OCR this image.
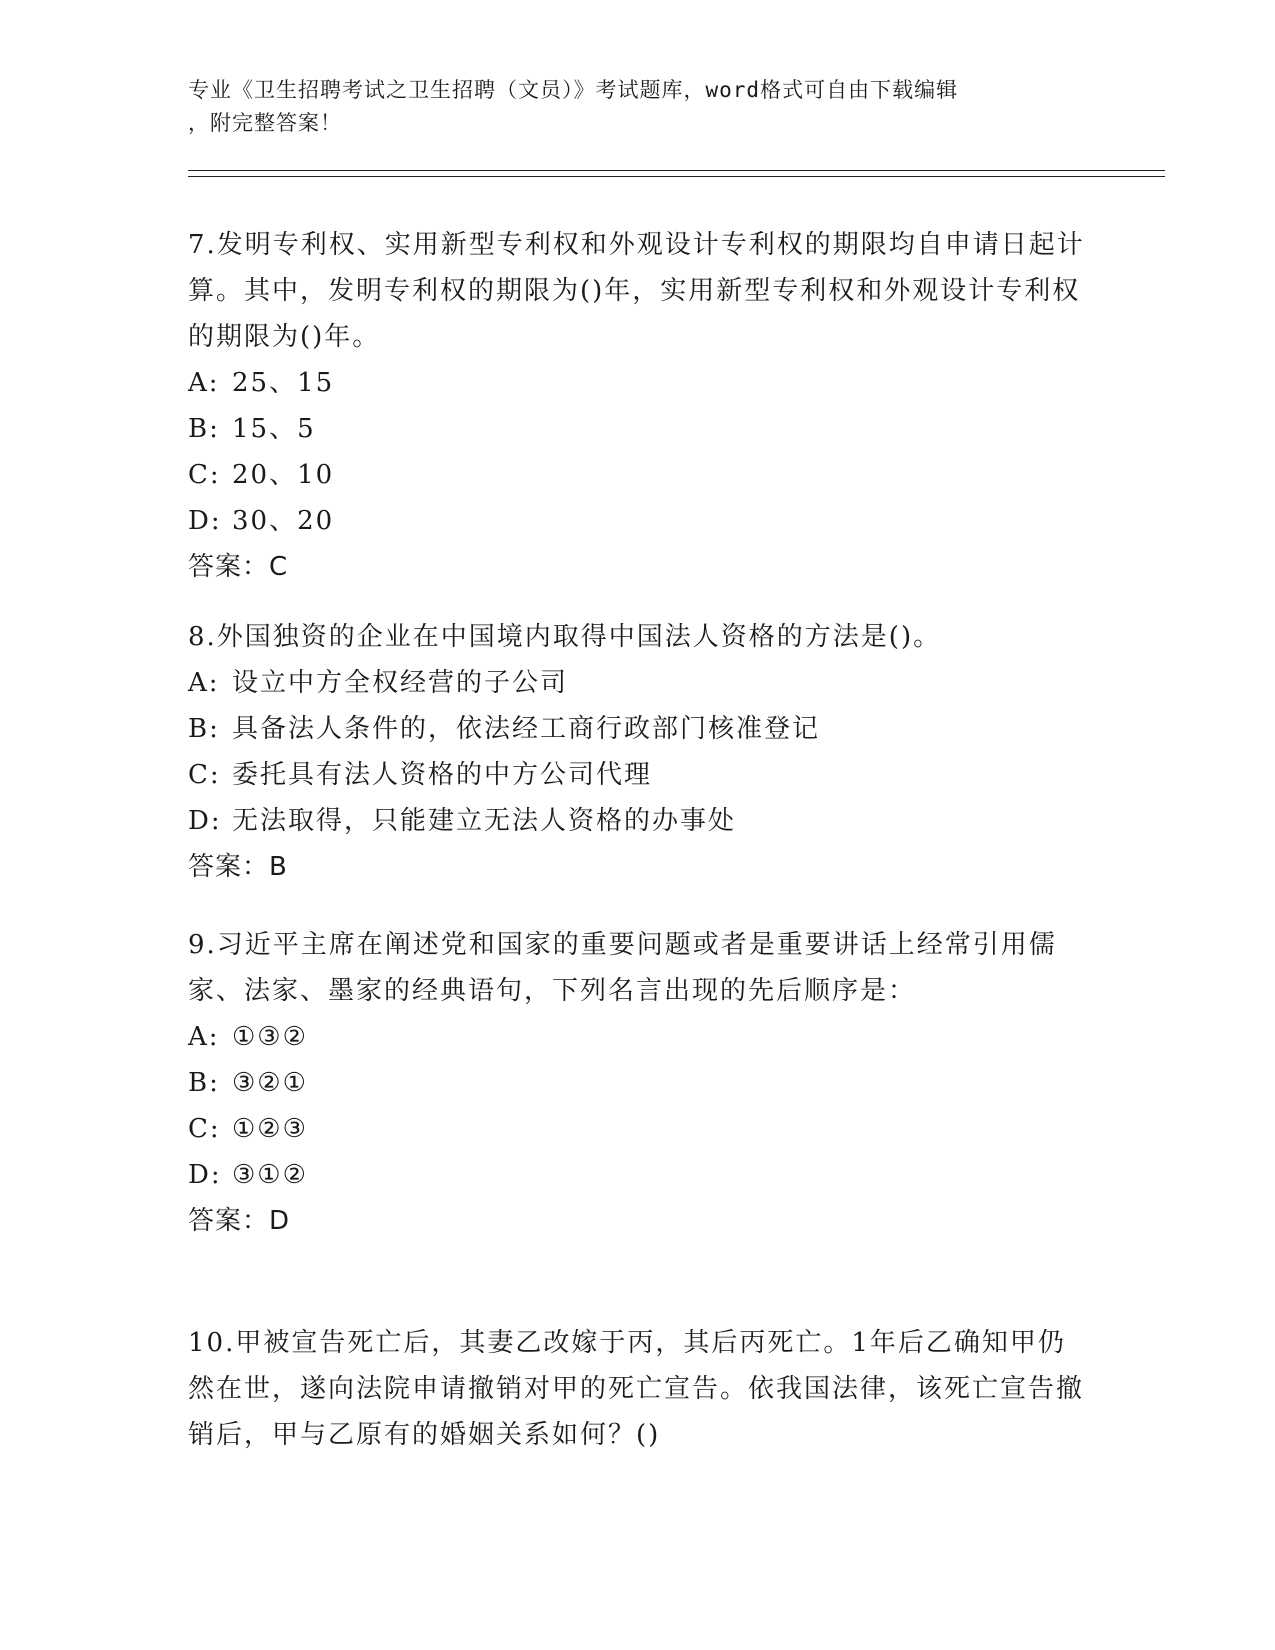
专业《卫生招聘考试之卫生招聘（文员）》考试题库，word格式可自由下载编辑
，附完整答案！
7.发明专利权、实用新型专利权和外观设计专利权的期限均自申请日起计算。其中，发明专利权的期限为()年，实用新型专利权和外观设计专利权的期限为()年。
A: 25、15
B: 15、5
C: 20、10
D: 30、20
答案：C
8.外国独资的企业在中国境内取得中国法人资格的方法是()。
A: 设立中方全权经营的子公司
B: 具备法人条件的，依法经工商行政部门核准登记
C: 委托具有法人资格的中方公司代理
D: 无法取得，只能建立无法人资格的办事处
答案：B
9.习近平主席在阐述党和国家的重要问题或者是重要讲话上经常引用儒家、法家、墨家的经典语句，下列名言出现的先后顺序是：
A: ①③②
B: ③②①
C: ①②③
D: ③①②
答案：D
10.甲被宣告死亡后，其妻乙改嫁于丙，其后丙死亡。1年后乙确知甲仍然在世，遂向法院申请撤销对甲的死亡宣告。依我国法律，该死亡宣告撤销后，甲与乙原有的婚姻关系如何？()
